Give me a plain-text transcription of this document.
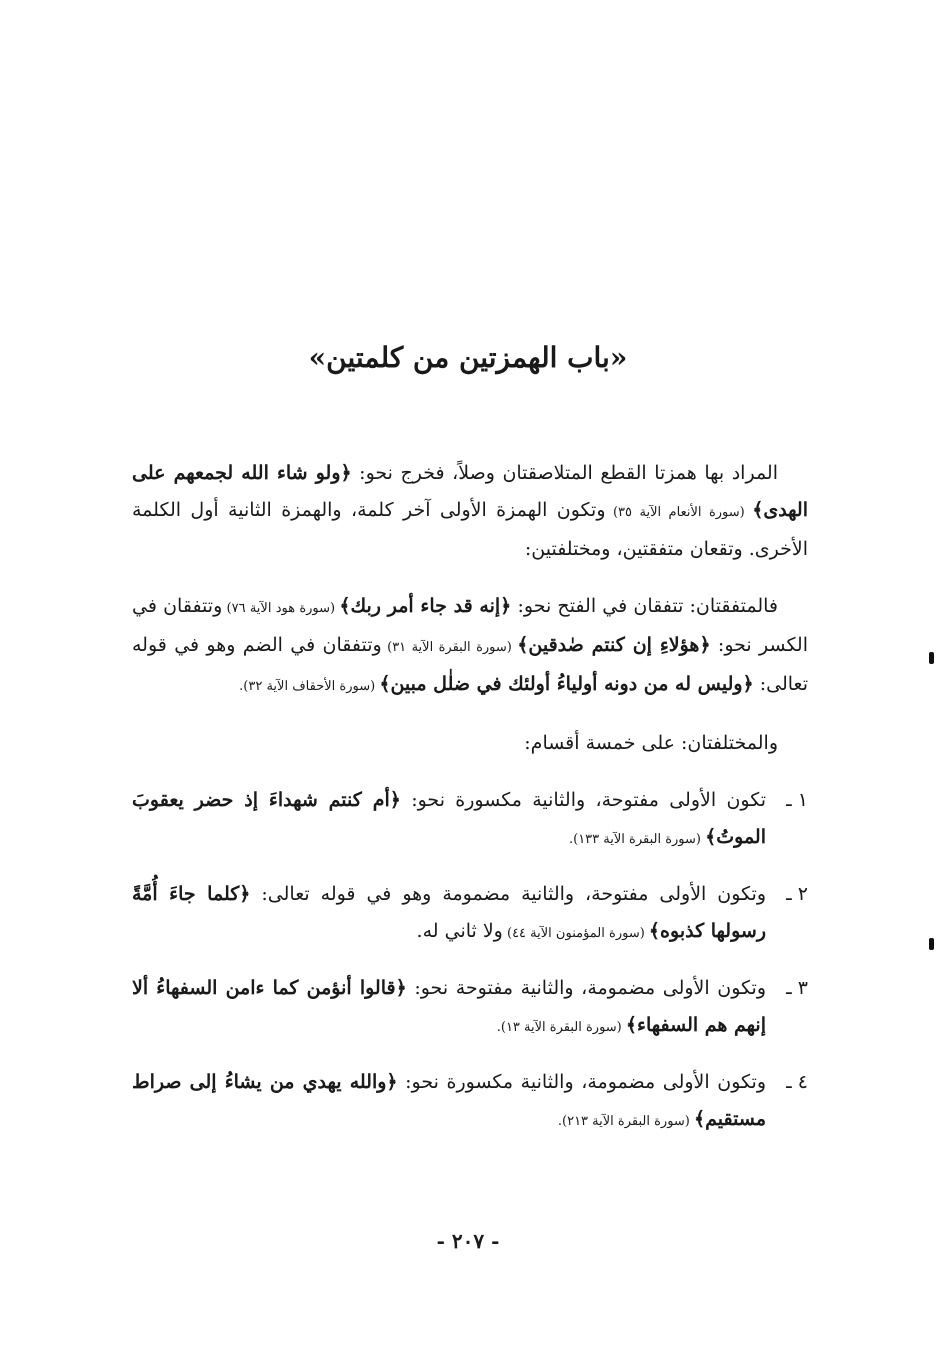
«باب الهمزتين من كلمتين»

المراد بها همزتا القطع المتلاصقتان وصلاً، فخرج نحو: ﴿ولو شاء الله لجمعهم على الهدى﴾ (سورة الأنعام الآية ٣٥) وتكون الهمزة الأولى آخر كلمة، والهمزة الثانية أول الكلمة الأخرى. وتقعان متفقتين، ومختلفتين:

فالمتفقتان: تتفقان في الفتح نحو: ﴿إنه قد جاء أمر ربك﴾ (سورة هود الآية ٧٦) وتتفقان في الكسر نحو: ﴿هؤلاءِ إن كنتم صٰدقين﴾ (سورة البقرة الآية ٣١) وتتفقان في الضم وهو في قوله تعالى: ﴿وليس له من دونه أولياءُ أولئك في ضلٰل مبين﴾ (سورة الأحقاف الآية ٣٢).

والمختلفتان: على خمسة أقسام:

١ ـ
تكون الأولى مفتوحة، والثانية مكسورة نحو: ﴿أم كنتم شهداءَ إذ حضر يعقوبَ الموتُ﴾ (سورة البقرة الآية ١٣٣).
٢ ـ
وتكون الأولى مفتوحة، والثانية مضمومة وهو في قوله تعالى: ﴿كلما جاءَ أُمَّةً رسولها كذبوه﴾ (سورة المؤمنون الآية ٤٤) ولا ثاني له.
٣ ـ
وتكون الأولى مضمومة، والثانية مفتوحة نحو: ﴿قالوا أنؤمن كما ءامن السفهاءُ ألا إنهم هم السفهاء﴾ (سورة البقرة الآية ١٣).
٤ ـ
وتكون الأولى مضمومة، والثانية مكسورة نحو: ﴿والله يهدي من يشاءُ إلى صراط مستقيم﴾ (سورة البقرة الآية ٢١٣).
- ٢٠٧ -
